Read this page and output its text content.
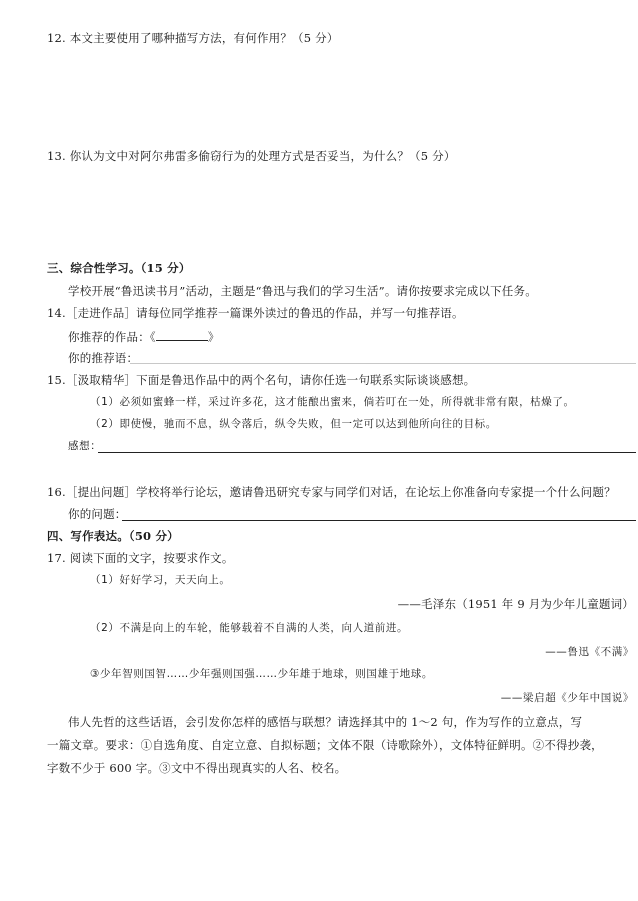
12. 本文主要使用了哪种描写方法，有何作用？（5 分）
13. 你认为文中对阿尔弗雷多偷窃行为的处理方式是否妥当，为什么？（5 分）
三、综合性学习。（15 分）
学校开展“鲁迅读书月”活动，主题是“鲁迅与我们的学习生活”。请你按要求完成以下任务。
14.［走进作品］请每位同学推荐一篇课外读过的鲁迅的作品，并写一句推荐语。
你推荐的作品：《	》
你的推荐语：
15.［汲取精华］下面是鲁迅作品中的两个名句，请你任选一句联系实际谈谈感想。
（1）必须如蜜蜂一样，采过许多花，这才能酿出蜜来，倘若叮在一处，所得就非常有限，枯燥了。
（2）即使慢，驰而不息，纵令落后，纵令失败，但一定可以达到他所向往的目标。
感想：
16.［提出问题］学校将举行论坛，邀请鲁迅研究专家与同学们对话，在论坛上你准备向专家提一个什么问题？
你的问题：
四、写作表达。（50 分）
17. 阅读下面的文字，按要求作文。
（1）好好学习，天天向上。
——毛泽东（1951 年 9 月为少年儿童题词）
（2）不满是向上的车轮，能够载着不自满的人类，向人道前进。
——鲁迅《不满》
③少年智则国智……少年强则国强……少年雄于地球，则国雄于地球。
——梁启超《少年中国说》
伟人先哲的这些话语，会引发你怎样的感悟与联想？请选择其中的 1～2 句，作为写作的立意点，写
一篇文章。要求：①自选角度、自定立意、自拟标题；文体不限（诗歌除外），文体特征鲜明。②不得抄袭，
字数不少于 600 字。③文中不得出现真实的人名、校名。
